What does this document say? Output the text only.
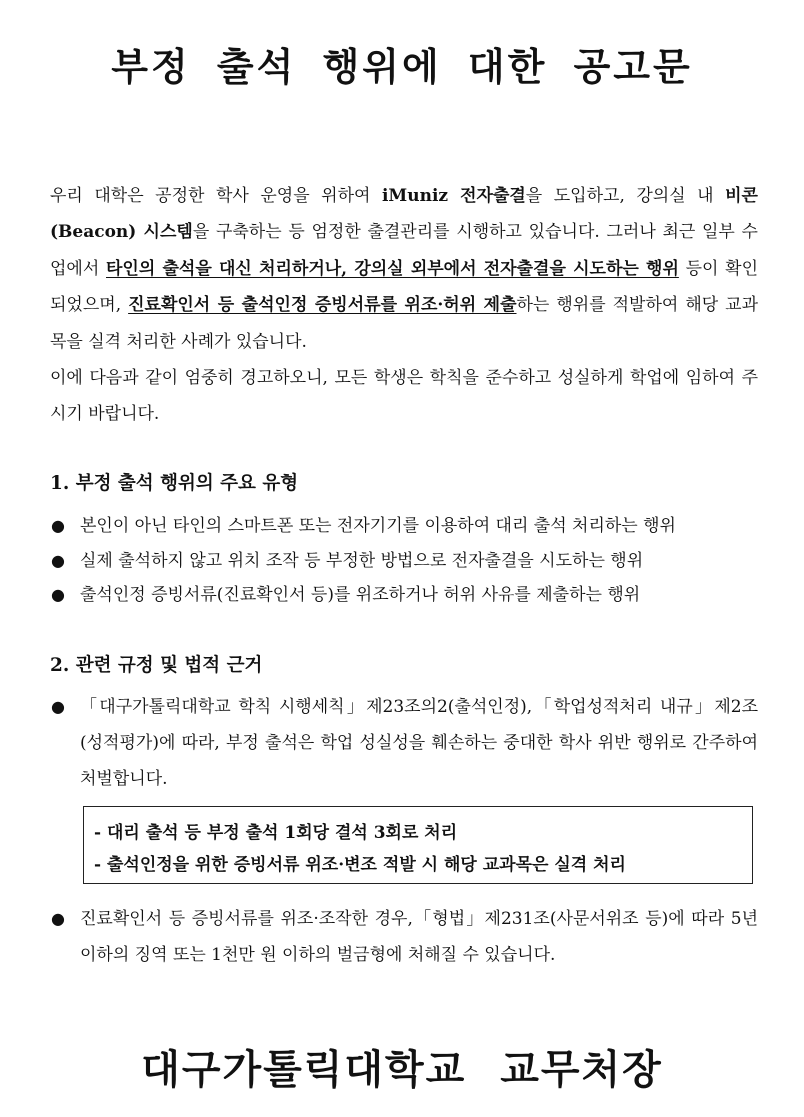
부정 출석 행위에 대한 공고문

우리 대학은 공정한 학사 운영을 위하여 iMuniz 전자출결을 도입하고, 강의실 내 비콘(Beacon) 시스템을 구축하는 등 엄정한 출결관리를 시행하고 있습니다. 그러나 최근 일부 수업에서 타인의 출석을 대신 처리하거나, 강의실 외부에서 전자출결을 시도하는 행위 등이 확인되었으며, 진료확인서 등 출석인정 증빙서류를 위조·허위 제출하는 행위를 적발하여 해당 교과목을 실격 처리한 사례가 있습니다.

이에 다음과 같이 엄중히 경고하오니, 모든 학생은 학칙을 준수하고 성실하게 학업에 임하여 주시기 바랍니다.

1. 부정 출석 행위의 주요 유형
● 본인이 아닌 타인의 스마트폰 또는 전자기기를 이용하여 대리 출석 처리하는 행위
● 실제 출석하지 않고 위치 조작 등 부정한 방법으로 전자출결을 시도하는 행위
● 출석인정 증빙서류(진료확인서 등)를 위조하거나 허위 사유를 제출하는 행위
2. 관련 규정 및 법적 근거
● 「대구가톨릭대학교 학칙 시행세칙」제23조의2(출석인정),「학업성적처리 내규」제2조(성적평가)에 따라, 부정 출석은 학업 성실성을 훼손하는 중대한 학사 위반 행위로 간주하여 처벌합니다.
- 대리 출석 등 부정 출석 1회당 결석 3회로 처리
- 출석인정을 위한 증빙서류 위조·변조 적발 시 해당 교과목은 실격 처리
● 진료확인서 등 증빙서류를 위조·조작한 경우,「형법」제231조(사문서위조 등)에 따라 5년 이하의 징역 또는 1천만 원 이하의 벌금형에 처해질 수 있습니다.
대구가톨릭대학교 교무처장
